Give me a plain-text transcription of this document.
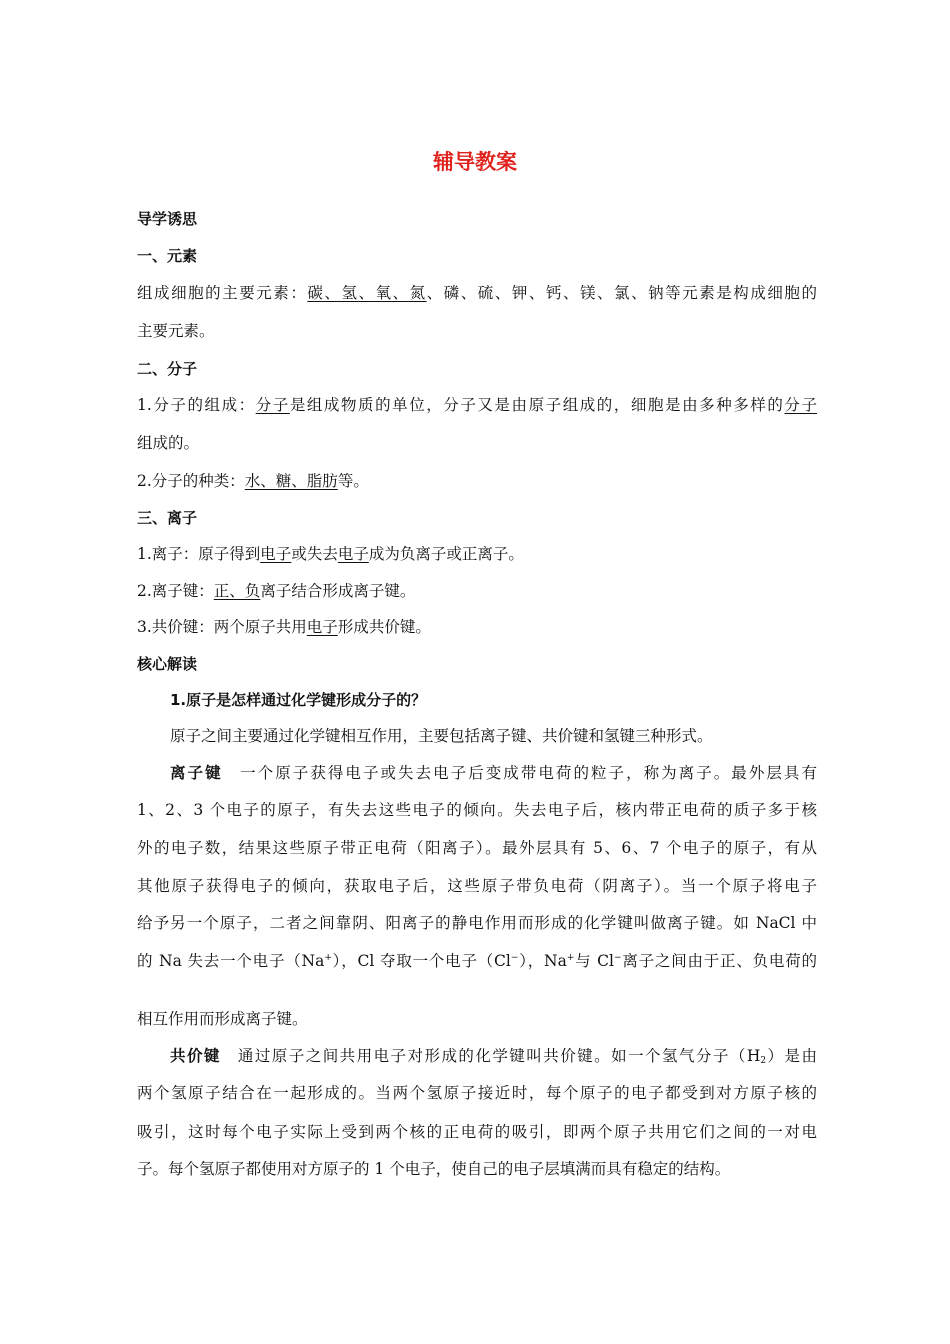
辅导教案
导学诱思
一、元素
组成细胞的主要元素：碳、氢、氧、氮、磷、硫、钾、钙、镁、氯、钠等元素是构成细胞的
主要元素。
二、分子
1.分子的组成：分子是组成物质的单位，分子又是由原子组成的，细胞是由多种多样的分子
组成的。
2.分子的种类：水、糖、脂肪等。
三、离子
1.离子：原子得到电子或失去电子成为负离子或正离子。
2.离子键：正、负离子结合形成离子键。
3.共价键：两个原子共用电子形成共价键。
核心解读
1.原子是怎样通过化学键形成分子的？
原子之间主要通过化学键相互作用，主要包括离子键、共价键和氢键三种形式。
离子键  一个原子获得电子或失去电子后变成带电荷的粒子，称为离子。最外层具有
1、2、3 个电子的原子，有失去这些电子的倾向。失去电子后，核内带正电荷的质子多于核
外的电子数，结果这些原子带正电荷（阳离子）。最外层具有 5、6、7 个电子的原子，有从
其他原子获得电子的倾向，获取电子后，这些原子带负电荷（阴离子）。当一个原子将电子
给予另一个原子，二者之间靠阴、阳离子的静电作用而形成的化学键叫做离子键。如 NaCl 中
的 Na 失去一个电子（Na+），Cl 夺取一个电子（Cl−），Na+与 Cl−离子之间由于正、负电荷的
相互作用而形成离子键。
共价键  通过原子之间共用电子对形成的化学键叫共价键。如一个氢气分子$(H_2)$是由
两个氢原子结合在一起形成的。当两个氢原子接近时，每个原子的电子都受到对方原子核的
吸引，这时每个电子实际上受到两个核的正电荷的吸引，即两个原子共用它们之间的一对电
子。每个氢原子都使用对方原子的 1 个电子，使自己的电子层填满而具有稳定的结构。
